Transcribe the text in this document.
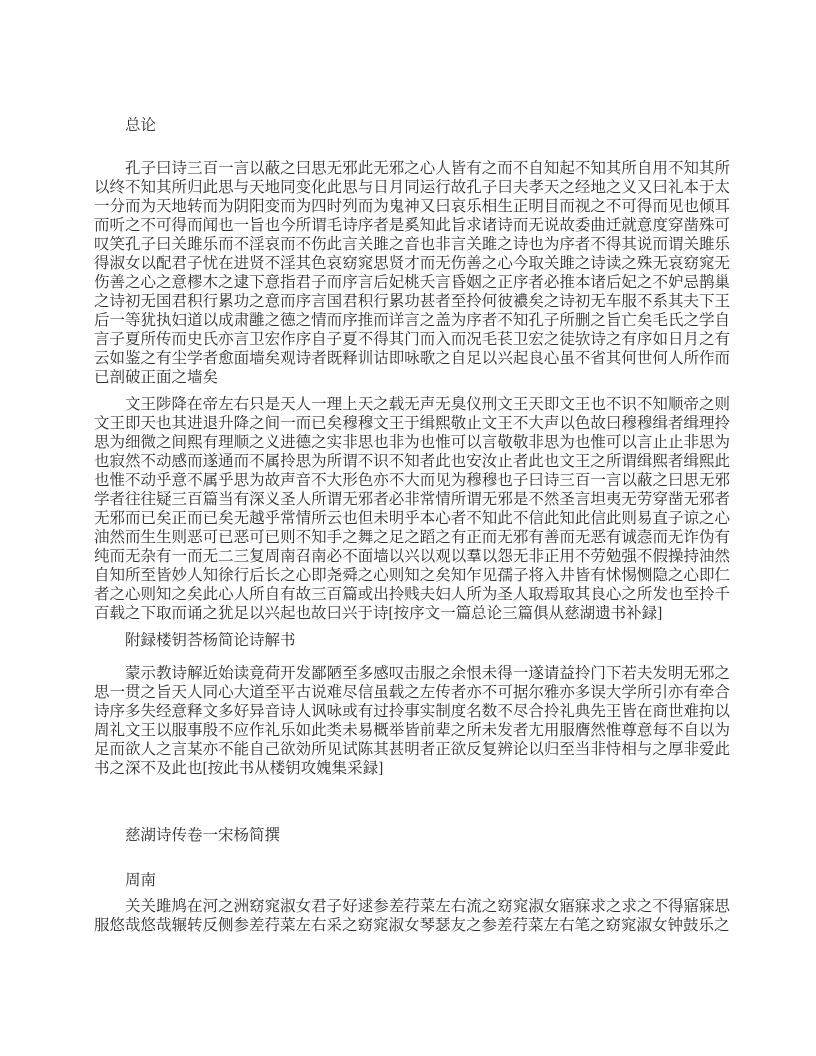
总论
孔子曰诗三百一言以蔽之曰思无邪此无邪之心人皆有之而不自知起不知其所自用不知其所以终不知其所归此思与天地同变化此思与日月同运行故孔子曰夫孝天之经地之义又曰礼本于太一分而为天地转而为阴阳变而为四时列而为鬼神又曰哀乐相生正明目而视之不可得而见也倾耳而听之不可得而闻也一旨也今所谓毛诗序者是奚知此旨求诸诗而无说故委曲迁就意度穿凿殊可叹笑孔子曰关雎乐而不淫哀而不伤此言关雎之音也非言关雎之诗也为序者不得其说而谓关雎乐得淑女以配君子忧在进贤不淫其色哀窈窕思贤才而无伤善之心今取关雎之诗读之殊无哀窈窕无伤善之心之意樛木之逮下意指君子而序言后妃桃夭言昏姻之正序者必推本诸后妃之不妒忌鹊巢之诗初无国君积行累功之意而序言国君积行累功甚者至拎何彼襛矣之诗初无车服不系其夫下王后一等犹执妇道以成肃雝之德之情而序推而详言之盖为序者不知孔子所删之旨亡矣毛氏之学自言子夏所传而史氏亦言卫宏作序自子夏不得其门而入而况毛苌卫宏之徒欤诗之有序如日月之有云如鉴之有尘学者愈面墙矣观诗者既释训诂即咏歌之自足以兴起良心虽不省其何世何人所作而已剖破正面之墙矣
文王陟降在帝左右只是天人一理上天之载无声无臭仪刑文王天即文王也不识不知顺帝之则文王即天也其进退升降之间一而已矣穆穆文王于缉熙敬止文王不大声以色故曰穆穆缉者缉理拎思为细微之间熙有理顺之义进德之实非思也非为也惟可以言敬敬非思为也惟可以言止止非思为也寂然不动感而遂通而不属拎思为所谓不识不知者此也安汝止者此也文王之所谓缉熙者缉熙此也惟不动乎意不属乎思为故声音不大形色亦不大而见为穆穆也子曰诗三百一言以蔽之曰思无邪学者往往疑三百篇当有深义圣人所谓无邪者必非常情所谓无邪是不然圣言坦夷无劳穿凿无邪者无邪而已矣正而已矣无越乎常情所云也但未明乎本心者不知此不信此知此信此则易直子谅之心油然而生生则恶可已恶可已则不知手之舞之足之蹈之有正而无邪有善而无恶有诚悫而无诈伪有纯而无杂有一而无二三复周南召南必不面墙以兴以观以羣以怨无非正用不劳勉强不假操持油然自知所至皆妙人知徐行后长之心即尧舜之心则知之矣知乍见孺子将入井皆有怵惕恻隐之心即仁者之心则知之矣此心人所自有故三百篇或出拎贱夫妇人所为圣人取焉取其良心之所发也至拎千百载之下取而诵之犹足以兴起也故曰兴于诗[按序文一篇总论三篇俱从慈湖遗书补録]
附録楼钥荅杨简论诗解书
蒙示教诗解近始读竟荷开发鄙陋至多感叹击服之余恨未得一遂请益拎门下若夫发明无邪之思一贯之旨天人同心大道至平古说难尽信虽载之左传者亦不可据尔雅亦多误大学所引亦有牵合诗序多失经意释文多好异音诗人讽咏或有过拎事实制度名数不尽合拎礼典先王皆在商世难拘以周礼文王以服事殷不应作礼乐如此类未易概举皆前辈之所未发者尢用服膺然惟尊意每不自以为足而欲人之言某亦不能自己欲効所见试陈其甚明者正欲反复辨论以归至当非恃相与之厚非爱此书之深不及此也[按此书从楼钥攻媿集采録]
慈湖诗传卷一宋杨简撰
周南
关关雎鸠在河之洲窈窕淑女君子好逑参差荇菜左右流之窈窕淑女寤寐求之求之不得寤寐思服悠哉悠哉辗转反侧参差荇菜左右采之窈窕淑女琴瑟友之参差荇菜左右笔之窈窕淑女钟鼓乐之
